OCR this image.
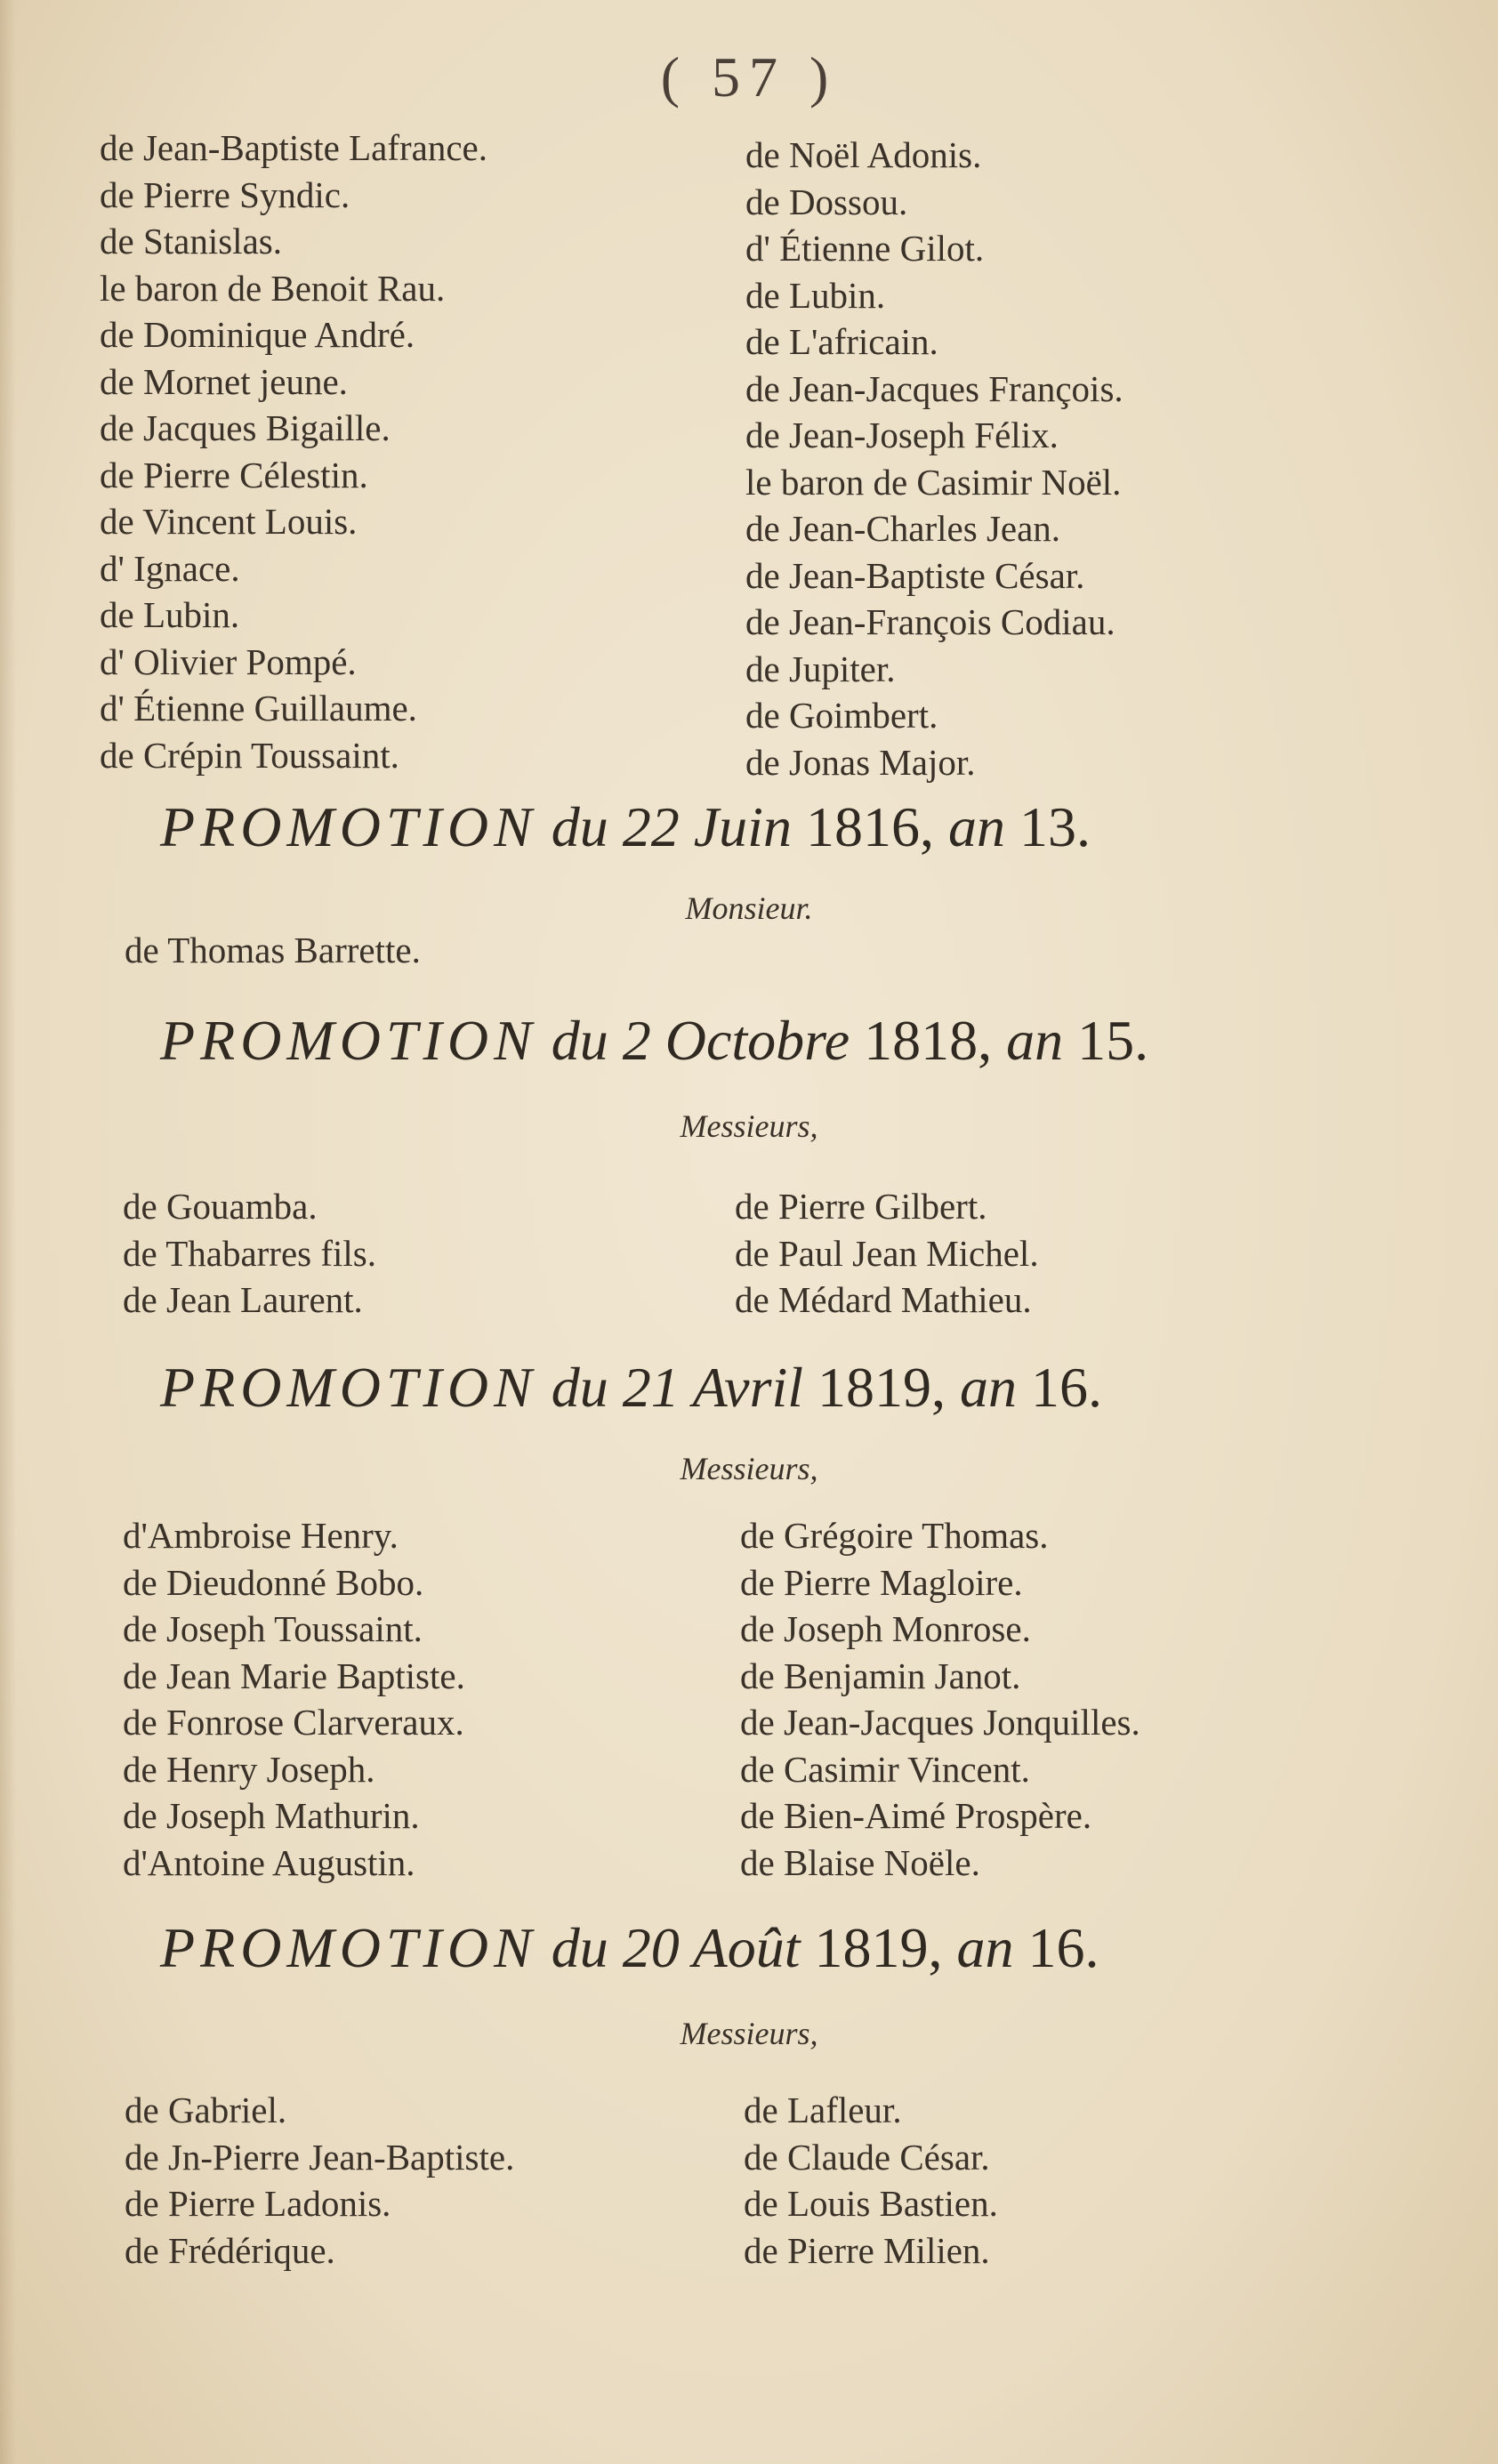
( 57 )
de Jean-Baptiste Lafrance.
de Pierre Syndic.
de Stanislas.
le baron de Benoit Rau.
de Dominique André.
de Mornet jeune.
de Jacques Bigaille.
de Pierre Célestin.
de Vincent Louis.
d' Ignace.
de Lubin.
d' Olivier Pompé.
d' Étienne Guillaume.
de Crépin Toussaint.
de Noël Adonis.
de Dossou.
d' Étienne Gilot.
de Lubin.
de L'africain.
de Jean-Jacques François.
de Jean-Joseph Félix.
le baron de Casimir Noël.
de Jean-Charles Jean.
de Jean-Baptiste César.
de Jean-François Codiau.
de Jupiter.
de Goimbert.
de Jonas Major.
PROMOTION du 22 Juin 1816, an 13.
Monsieur.
de Thomas Barrette.
PROMOTION du 2 Octobre 1818, an 15.
Messieurs,
de Gouamba.
de Thabarres fils.
de Jean Laurent.
de Pierre Gilbert.
de Paul Jean Michel.
de Médard Mathieu.
PROMOTION du 21 Avril 1819, an 16.
Messieurs,
d'Ambroise Henry.
de Dieudonné Bobo.
de Joseph Toussaint.
de Jean Marie Baptiste.
de Fonrose Clarveraux.
de Henry Joseph.
de Joseph Mathurin.
d'Antoine Augustin.
de Grégoire Thomas.
de Pierre Magloire.
de Joseph Monrose.
de Benjamin Janot.
de Jean-Jacques Jonquilles.
de Casimir Vincent.
de Bien-Aimé Prospère.
de Blaise Noële.
PROMOTION du 20 Août 1819, an 16.
Messieurs,
de Gabriel.
de Jn-Pierre Jean-Baptiste.
de Pierre Ladonis.
de Frédérique.
de Lafleur.
de Claude César.
de Louis Bastien.
de Pierre Milien.
